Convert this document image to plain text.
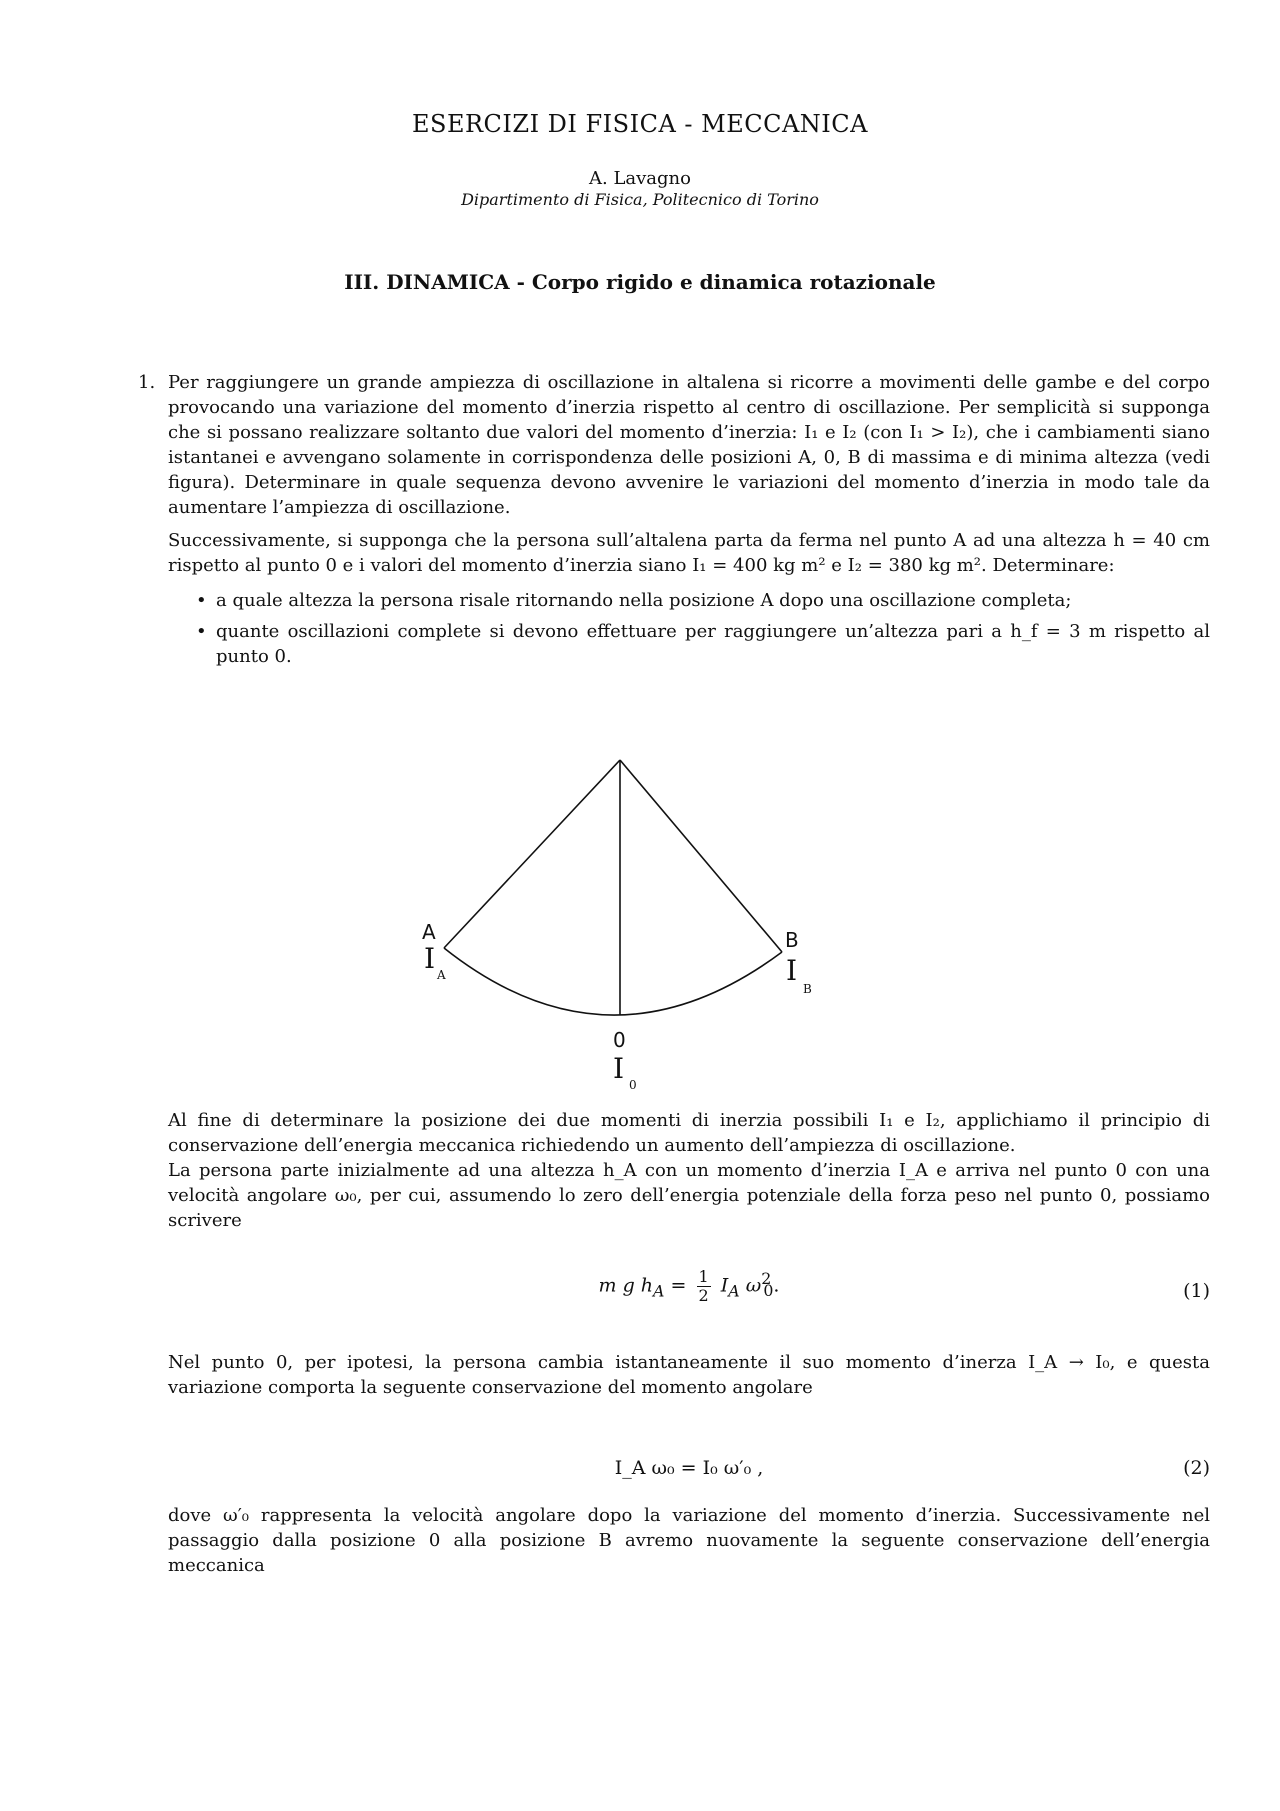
ESERCIZI DI FISICA - MECCANICA
A. Lavagno
Dipartimento di Fisica, Politecnico di Torino
III. DINAMICA - Corpo rigido e dinamica rotazionale
1. Per raggiungere un grande ampiezza di oscillazione in altalena si ricorre a movimenti delle gambe e del corpo provocando una variazione del momento d’inerzia rispetto al centro di oscillazione. Per semplicità si supponga che si possano realizzare soltanto due valori del momento d’inerzia: I₁ e I₂ (con I₁ > I₂), che i cambiamenti siano istantanei e avvengano solamente in corrispondenza delle posizioni A, 0, B di massima e di minima altezza (vedi figura). Determinare in quale sequenza devono avvenire le variazioni del momento d’inerzia in modo tale da aumentare l’ampiezza di oscillazione.

Successivamente, si supponga che la persona sull’altalena parta da ferma nel punto A ad una altezza h = 40 cm rispetto al punto 0 e i valori del momento d’inerzia siano I₁ = 400 kg m² e I₂ = 380 kg m². Determinare:

• a quale altezza la persona risale ritornando nella posizione A dopo una oscillazione completa;
• quante oscillazioni complete si devono effettuare per raggiungere un’altezza pari a h_f = 3 m rispetto al punto 0.
A
I A
B
I
B
0
I 0

Al fine di determinare la posizione dei due momenti di inerzia possibili I₁ e I₂, applichiamo il principio di conservazione dell’energia meccanica richiedendo un aumento dell’ampiezza di oscillazione.

La persona parte inizialmente ad una altezza h_A con un momento d’inerzia I_A e arriva nel punto 0 con una velocità angolare ω₀, per cui, assumendo lo zero dell’energia potenziale della forza peso nel punto 0, possiamo scrivere

m g $h_A = \frac{1}{2} I_A$ $\omega^2_0$.	(1)

Nel punto 0, per ipotesi, la persona cambia istantaneamente il suo momento d’inerza I_A → I₀, e questa variazione comporta la seguente conservazione del momento angolare

I_A ω₀ = I₀ ω′₀ ,	(2)

dove ω′₀ rappresenta la velocità angolare dopo la variazione del momento d’inerzia. Successivamente nel passaggio dalla posizione 0 alla posizione B avremo nuovamente la seguente conservazione dell’energia meccanica
